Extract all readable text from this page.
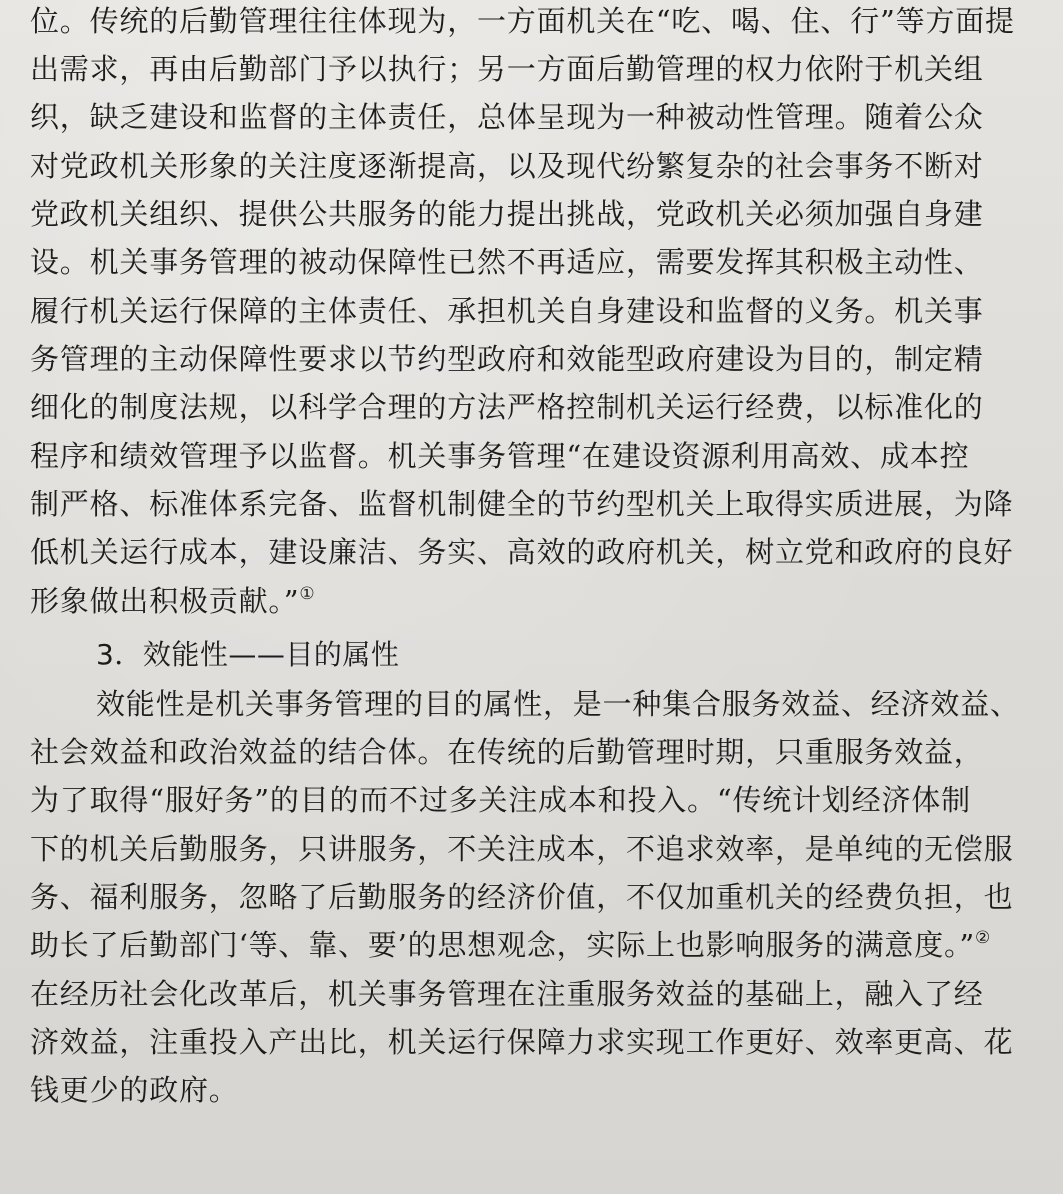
位。传统的后勤管理往往体现为，一方面机关在“吃、喝、住、行”等方面提
出需求，再由后勤部门予以执行；另一方面后勤管理的权力依附于机关组
织，缺乏建设和监督的主体责任，总体呈现为一种被动性管理。随着公众
对党政机关形象的关注度逐渐提高，以及现代纷繁复杂的社会事务不断对
党政机关组织、提供公共服务的能力提出挑战，党政机关必须加强自身建
设。机关事务管理的被动保障性已然不再适应，需要发挥其积极主动性、
履行机关运行保障的主体责任、承担机关自身建设和监督的义务。机关事
务管理的主动保障性要求以节约型政府和效能型政府建设为目的，制定精
细化的制度法规，以科学合理的方法严格控制机关运行经费，以标准化的
程序和绩效管理予以监督。机关事务管理“在建设资源利用高效、成本控
制严格、标准体系完备、监督机制健全的节约型机关上取得实质进展，为降
低机关运行成本，建设廉洁、务实、高效的政府机关，树立党和政府的良好
形象做出积极贡献。”①
3．效能性——目的属性
效能性是机关事务管理的目的属性，是一种集合服务效益、经济效益、
社会效益和政治效益的结合体。在传统的后勤管理时期，只重服务效益，
为了取得“服好务”的目的而不过多关注成本和投入。“传统计划经济体制
下的机关后勤服务，只讲服务，不关注成本，不追求效率，是单纯的无偿服
务、福利服务，忽略了后勤服务的经济价值，不仅加重机关的经费负担，也
助长了后勤部门‘等、靠、要’的思想观念，实际上也影响服务的满意度。”②
在经历社会化改革后，机关事务管理在注重服务效益的基础上，融入了经
济效益，注重投入产出比，机关运行保障力求实现工作更好、效率更高、花
钱更少的政府。
